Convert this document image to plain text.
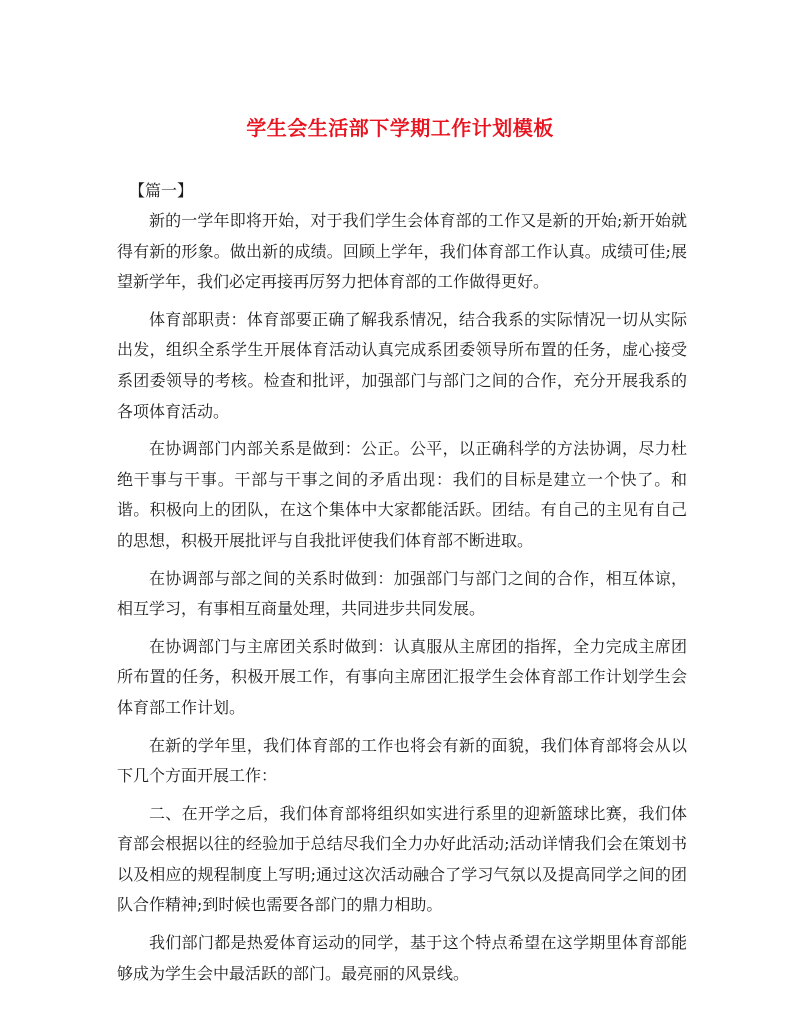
学生会生活部下学期工作计划模板

【篇一】

新的一学年即将开始，对于我们学生会体育部的工作又是新的开始;新开始就得有新的形象。做出新的成绩。回顾上学年，我们体育部工作认真。成绩可佳;展望新学年，我们必定再接再厉努力把体育部的工作做得更好。

体育部职责：体育部要正确了解我系情况，结合我系的实际情况一切从实际出发，组织全系学生开展体育活动认真完成系团委领导所布置的任务，虚心接受系团委领导的考核。检查和批评，加强部门与部门之间的合作，充分开展我系的各项体育活动。

在协调部门内部关系是做到：公正。公平，以正确科学的方法协调，尽力杜绝干事与干事。干部与干事之间的矛盾出现：我们的目标是建立一个快了。和谐。积极向上的团队，在这个集体中大家都能活跃。团结。有自己的主见有自己的思想，积极开展批评与自我批评使我们体育部不断进取。

在协调部与部之间的关系时做到：加强部门与部门之间的合作，相互体谅，相互学习，有事相互商量处理，共同进步共同发展。

在协调部门与主席团关系时做到：认真服从主席团的指挥，全力完成主席团所布置的任务，积极开展工作，有事向主席团汇报学生会体育部工作计划学生会体育部工作计划。

在新的学年里，我们体育部的工作也将会有新的面貌，我们体育部将会从以下几个方面开展工作：

二、在开学之后，我们体育部将组织如实进行系里的迎新篮球比赛，我们体育部会根据以往的经验加于总结尽我们全力办好此活动;活动详情我们会在策划书以及相应的规程制度上写明;通过这次活动融合了学习气氛以及提高同学之间的团队合作精神;到时候也需要各部门的鼎力相助。

我们部门都是热爱体育运动的同学，基于这个特点希望在这学期里体育部能够成为学生会中最活跃的部门。最亮丽的风景线。
